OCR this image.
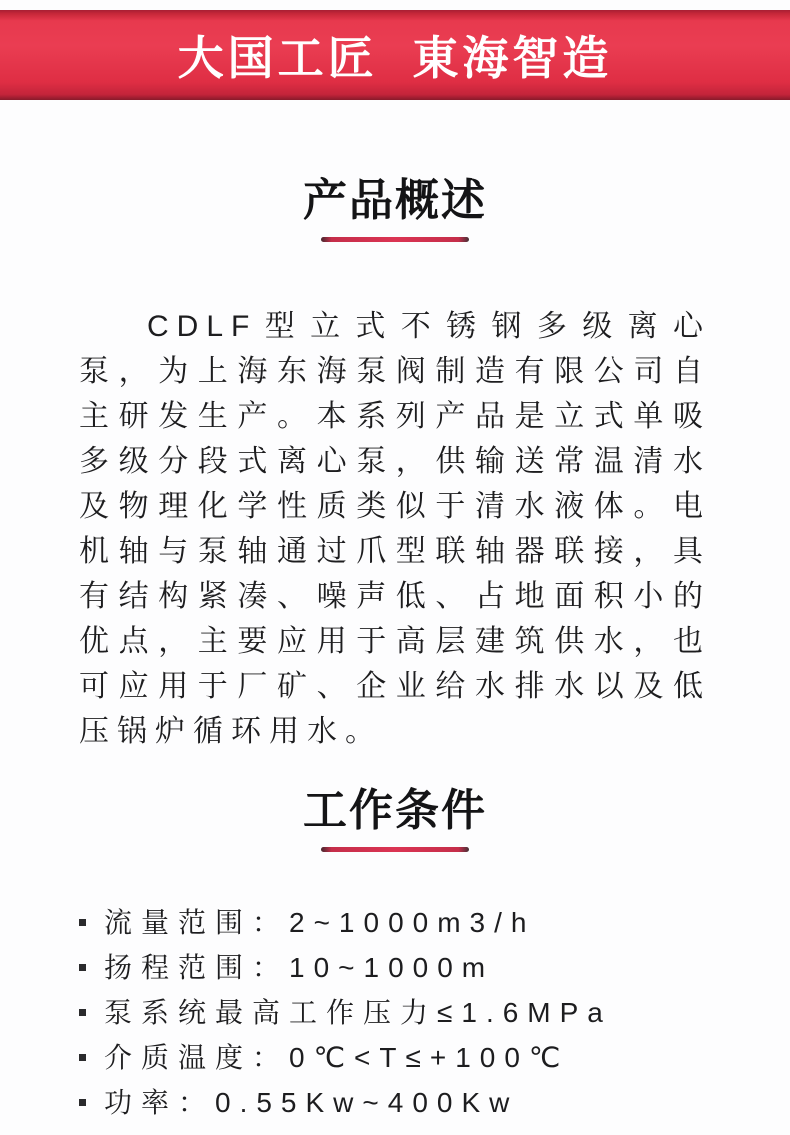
大国工匠 東海智造
产品概述

CDLF型立式不锈钢多级离心泵，为上海东海泵阀制造有限公司自主研发生产。本系列产品是立式单吸多级分段式离心泵，供输送常温清水及物理化学性质类似于清水液体。电机轴与泵轴通过爪型联轴器联接，具有结构紧凑、噪声低、占地面积小的优点，主要应用于高层建筑供水，也可应用于厂矿、企业给水排水以及低压锅炉循环用水。

工作条件
流量范围：2~1000m3/h
扬程范围：10~1000m
泵系统最高工作压力≤1.6MPa
介质温度：0℃<T≤+100℃
功率：0.55Kw~400Kw
